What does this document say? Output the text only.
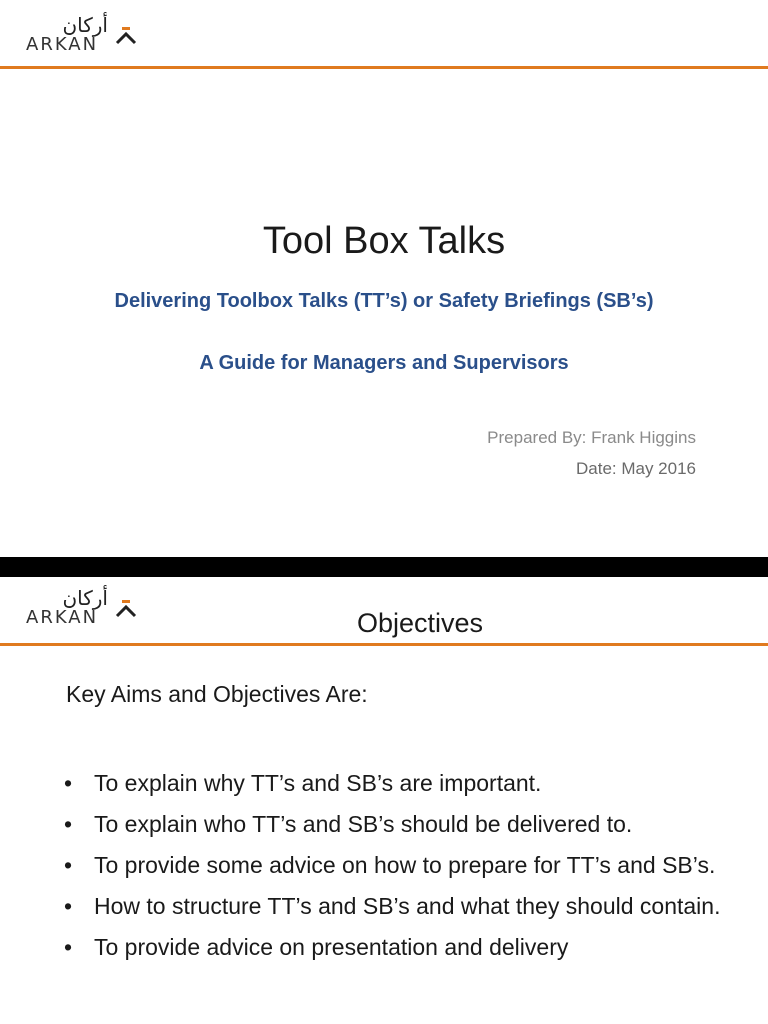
أركان
ARKAN
Tool Box Talks
Delivering Toolbox Talks (TT’s) or Safety Briefings (SB’s)
A Guide for Managers and Supervisors
Prepared By: Frank Higgins
Date: May 2016
أركان
ARKAN	Objectives
Key Aims and Objectives Are:
• To explain why TT’s and SB’s are important.
• To explain who TT’s and SB’s should be delivered to.
• To provide some advice on how to prepare for TT’s and SB’s.
• How to structure TT’s and SB’s and what they should contain.
• To provide advice on presentation and delivery
